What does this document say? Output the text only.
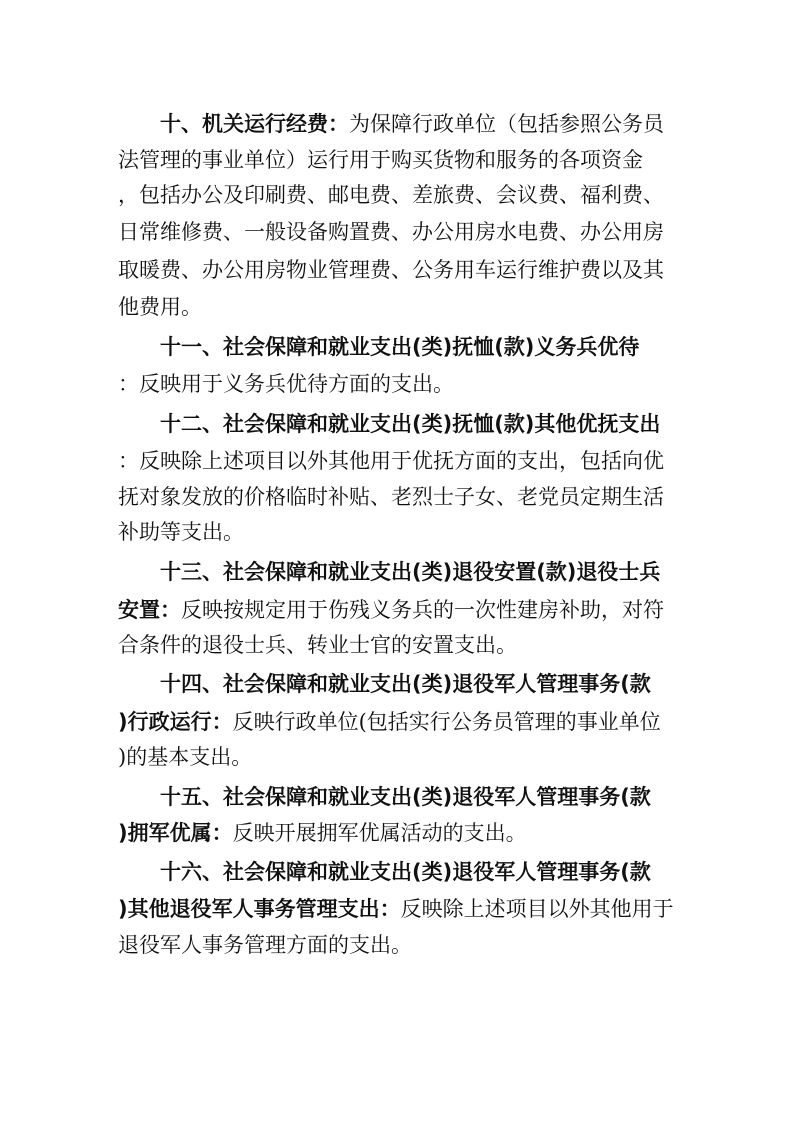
十、机关运行经费：为保障行政单位（包括参照公务员
法管理的事业单位）运行用于购买货物和服务的各项资金
，包括办公及印刷费、邮电费、差旅费、会议费、福利费、
日常维修费、一般设备购置费、办公用房水电费、办公用房
取暖费、办公用房物业管理费、公务用车运行维护费以及其
他费用。
十一、社会保障和就业支出(类)抚恤(款)义务兵优待
：反映用于义务兵优待方面的支出。
十二、社会保障和就业支出(类)抚恤(款)其他优抚支出
：反映除上述项目以外其他用于优抚方面的支出，包括向优
抚对象发放的价格临时补贴、老烈士子女、老党员定期生活
补助等支出。
十三、社会保障和就业支出(类)退役安置(款)退役士兵
安置：反映按规定用于伤残义务兵的一次性建房补助，对符
合条件的退役士兵、转业士官的安置支出。
十四、社会保障和就业支出(类)退役军人管理事务(款
)行政运行：反映行政单位(包括实行公务员管理的事业单位
)的基本支出。
十五、社会保障和就业支出(类)退役军人管理事务(款
)拥军优属：反映开展拥军优属活动的支出。
十六、社会保障和就业支出(类)退役军人管理事务(款
)其他退役军人事务管理支出：反映除上述项目以外其他用于
退役军人事务管理方面的支出。
